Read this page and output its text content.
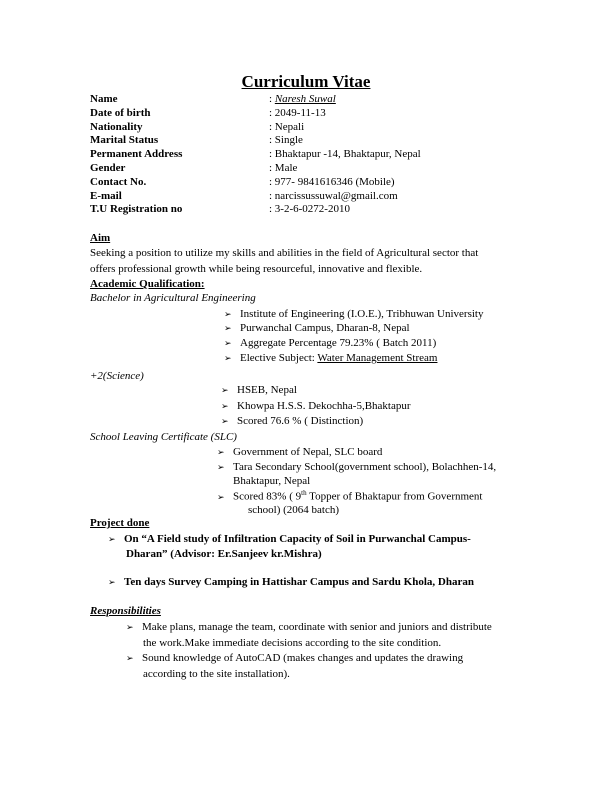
Curriculum Vitae
Name	: Naresh Suwal
Date of birth	: 2049-11-13
Nationality	: Nepali
Marital Status	: Single
Permanent Address	: Bhaktapur -14, Bhaktapur, Nepal
Gender	: Male
Contact No.	: 977- 9841616346 (Mobile)
E-mail	: narcissussuwal@gmail.com
T.U Registration no	: 3-2-6-0272-2010
Aim
Seeking a position to utilize my skills and abilities in the field of Agricultural sector that
offers professional growth while being resourceful, innovative and flexible.
Academic Qualification:
Bachelor in Agricultural Engineering
➢ Institute of Engineering (I.O.E.), Tribhuwan University
➢ Purwanchal Campus, Dharan-8, Nepal
➢ Aggregate Percentage 79.23% ( Batch 2011)
➢ Elective Subject: Water Management Stream
+2(Science)
➢ HSEB, Nepal
➢ Khowpa H.S.S. Dekochha-5,Bhaktapur
➢ Scored 76.6 % ( Distinction)
School Leaving Certificate (SLC)
➢ Government of Nepal, SLC board
➢ Tara Secondary School(government school), Bolachhen-14,
Bhaktapur, Nepal
➢ Scored 83% ( 9th Topper of Bhaktapur from Government
school) (2064 batch)
Project done
➢ On “A Field study of Infiltration Capacity of Soil in Purwanchal Campus-
Dharan” (Advisor: Er.Sanjeev kr.Mishra)
➢ Ten days Survey Camping in Hattishar Campus and Sardu Khola, Dharan
Responsibilities
➢ Make plans, manage the team, coordinate with senior and juniors and distribute
the work.Make immediate decisions according to the site condition.
➢ Sound knowledge of AutoCAD (makes changes and updates the drawing
according to the site installation).
